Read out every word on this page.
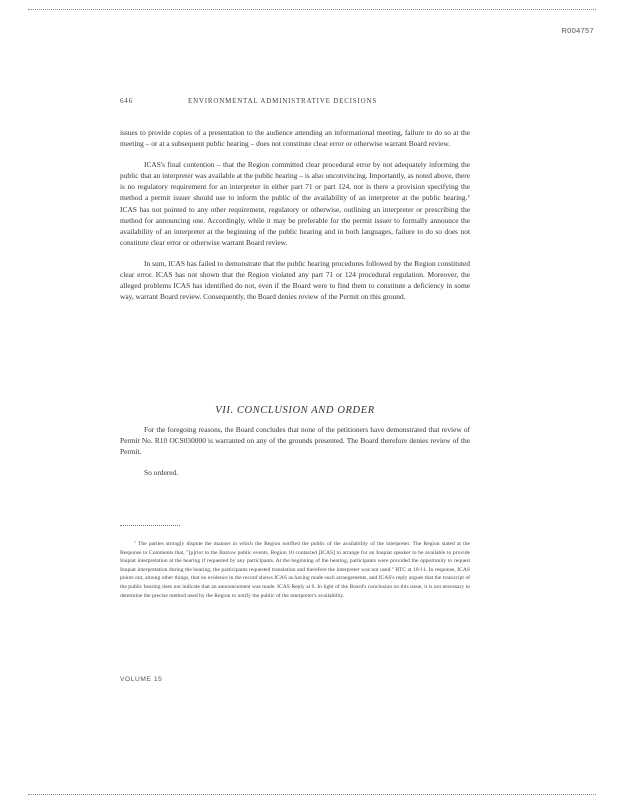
R004757
646	ENVIRONMENTAL ADMINISTRATIVE DECISIONS

issues to provide copies of a presentation to the audience attending an informational meeting, failure to do so at the meeting – or at a subsequent public hearing – does not constitute clear error or otherwise warrant Board review.

ICAS's final contention – that the Region committed clear procedural error by not adequately informing the public that an interpreter was available at the public hearing – is also unconvincing. Importantly, as noted above, there is no regulatory requirement for an interpreter in either part 71 or part 124, nor is there a provision specifying the method a permit issuer should use to inform the public of the availability of an interpreter at the public hearing.⁷ ICAS has not pointed to any other requirement, regulatory or otherwise, outlining an interpreter or prescribing the method for announcing one. Accordingly, while it may be preferable for the permit issuer to formally announce the availability of an interpreter at the beginning of the public hearing and in both languages, failure to do so does not constitute clear error or otherwise warrant Board review.

In sum, ICAS has failed to demonstrate that the public hearing procedures followed by the Region constituted clear error. ICAS has not shown that the Region violated any part 71 or 124 procedural regulation. Moreover, the alleged problems ICAS has identified do not, even if the Board were to find them to constitute a deficiency in some way, warrant Board review. Consequently, the Board denies review of the Permit on this ground.

VII. CONCLUSION AND ORDER

For the foregoing reasons, the Board concludes that none of the petitioners have demonstrated that review of Permit No. R10 OCS030000 is warranted on any of the grounds presented. The Board therefore denies review of the Permit.

So ordered.

⁷ The parties strongly dispute the manner in which the Region notified the public of the availability of the interpreter. The Region stated at the Response to Comments that, "[p]rior to the Barrow public events, Region 10 contacted [ICAS] to arrange for an Inupiat speaker to be available to provide Inupiat interpretation at the hearing if requested by any participants. At the beginning of the hearing, participants were provided the opportunity to request Inupiat interpretation during the hearing; the participants requested translation and therefore the interpreter was not used." RTC at 10-11. In response, ICAS points out, among other things, that no evidence in the record shows ICAS as having made such arrangements, and ICAS's reply argues that the transcript of the public hearing does not indicate that an announcement was made. ICAS Reply at 6. In light of the Board's conclusion on this issue, it is not necessary to determine the precise method used by the Region to notify the public of the interpreter's availability.
VOLUME 15
